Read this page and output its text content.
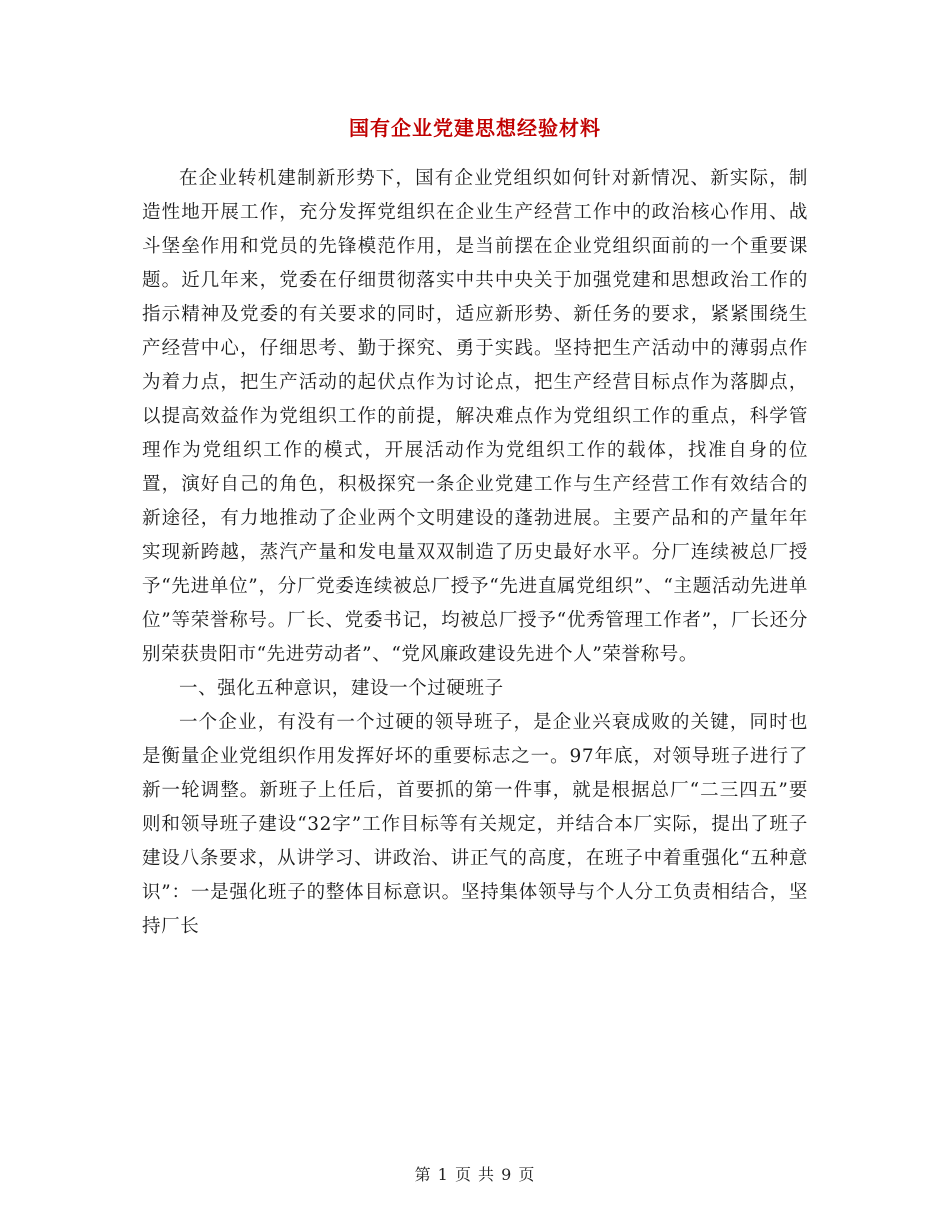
国有企业党建思想经验材料

在企业转机建制新形势下，国有企业党组织如何针对新情况、新实际，制造性地开展工作，充分发挥党组织在企业生产经营工作中的政治核心作用、战斗堡垒作用和党员的先锋模范作用，是当前摆在企业党组织面前的一个重要课题。近几年来，党委在仔细贯彻落实中共中央关于加强党建和思想政治工作的指示精神及党委的有关要求的同时，适应新形势、新任务的要求，紧紧围绕生产经营中心，仔细思考、勤于探究、勇于实践。坚持把生产活动中的薄弱点作为着力点，把生产活动的起伏点作为讨论点，把生产经营目标点作为落脚点，以提高效益作为党组织工作的前提，解决难点作为党组织工作的重点，科学管理作为党组织工作的模式，开展活动作为党组织工作的载体，找准自身的位置，演好自己的角色，积极探究一条企业党建工作与生产经营工作有效结合的新途径，有力地推动了企业两个文明建设的蓬勃进展。主要产品和的产量年年实现新跨越，蒸汽产量和发电量双双制造了历史最好水平。分厂连续被总厂授予“先进单位”，分厂党委连续被总厂授予“先进直属党组织”、“主题活动先进单位”等荣誉称号。厂长、党委书记，均被总厂授予“优秀管理工作者”，厂长还分别荣获贵阳市“先进劳动者”、“党风廉政建设先进个人”荣誉称号。

一、强化五种意识，建设一个过硬班子

一个企业，有没有一个过硬的领导班子，是企业兴衰成败的关键，同时也是衡量企业党组织作用发挥好坏的重要标志之一。97年底，对领导班子进行了新一轮调整。新班子上任后，首要抓的第一件事，就是根据总厂“二三四五”要则和领导班子建设“32字”工作目标等有关规定，并结合本厂实际，提出了班子建设八条要求，从讲学习、讲政治、讲正气的高度，在班子中着重强化“五种意识”：一是强化班子的整体目标意识。坚持集体领导与个人分工负责相结合，坚持厂长

第 1 页 共 9 页
